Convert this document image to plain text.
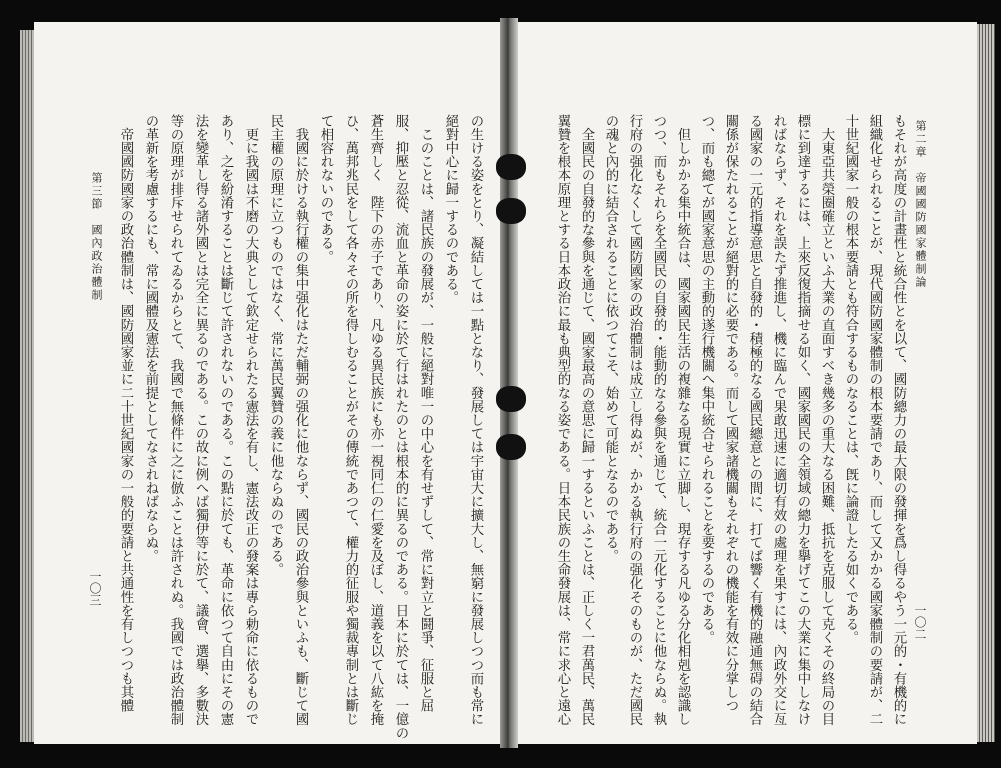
の生ける姿をとり、凝結しては一點となり、發展しては宇宙大に擴大し、無窮に發展しつつ而も常に
絕對中心に歸一するのである。
　このことは、諸民族の發展が、一般に絕對唯一の中心を有せずして、常に對立と鬪爭、征服と屈
服、抑壓と忍從、流血と革命の姿に於て行はれたのとは根本的に異るのである。日本に於ては、一億の
蒼生齊しく　陛下の赤子であり、凡ゆる異民族にも亦一視同仁の仁愛を及ぼし、道義を以て八紘を掩
ひ、萬邦兆民をして各々その所を得しむることがその傳統であつて、權力的征服や獨裁專制とは斷じ
て相容れないのである。
　我國に於ける執行權の集中强化はただ輔弼の强化に他ならず、國民の政治參與といふも、斷じて國
民主權の原理に立つものではなく、常に萬民翼贊の義に他ならぬのである。
　更に我國は不磨の大典として欽定せられたる憲法を有し、憲法改正の發案は專ら勅命に依るもので
あり、之を紛淆することは斷じて許されないのである。この點に於ても、革命に依つて自由にその憲
法を變革し得る諸外國とは完全に異るのである。この故に例へば獨伊等に於て、議會、選擧、多數決
等の原理が排斥せられてゐるからとて、我國で無條件に之に倣ふことは許されぬ。我國では政治體制
の革新を考慮するにも、常に國體及憲法を前提としてなされねばならぬ。
　帝國國防國家の政治體制は、國防國家並に二十世紀國家の一般的要請と共通性を有しつつも其體
第三節　國內政治體制
一〇三
第二章　帝國國防國家體制論
一〇二
もそれが高度の計畫性と統合性とを以て、國防總力の最大限の發揮を爲し得るやう一元的・有機的に
組織化せられることが、現代國防國家體制の根本要請であり、而して又かかる國家體制の要請が、二
十世紀國家一般の根本要請とも符合するものなることは、旣に論證したる如くである。
　大東亞共榮圈確立といふ大業の直面すべき幾多の重大なる困難、抵抗を克服して克くその終局の目
標に到達するには、上來反復指摘せる如く、國家國民の全領域の總力を擧げてこの大業に集中しなけ
ればならず、それを誤たず推進し、機に臨んで果敢迅速に適切有效の處理を果すには、內政外交に亙
る國家の一元的指導意思と自發的・積極的なる國民總意との間に、打てば響く有機的融通無碍の結合
關係が保たれることが絕對的に必要である。而して國家諸機關もそれぞれの機能を有效に分掌しつ
つ、而も總てが國家意思の主動的遂行機關へ集中統合せられることを要するのである。
　但しかかる集中統合は、國家國民生活の複雜なる現實に立脚し、現存する凡ゆる分化相剋を認識し
つつ、而もそれらを全國民の自發的・能動的なる參與を通じて、統合一元化することに他ならぬ。執
行府の强化なくして國防國家の政治體制は成立し得ぬが、かかる執行府の强化そのものが、ただ國民
の魂と內的に結合されることに依つてこそ、始めて可能となるのである。
　全國民の自發的な參與を通じて、國家最高の意思に歸一するといふことは、正しく一君萬民、萬民
翼贊を根本原理とする日本政治に最も典型的なる姿である。日本民族の生命發展は、常に求心と遠心
